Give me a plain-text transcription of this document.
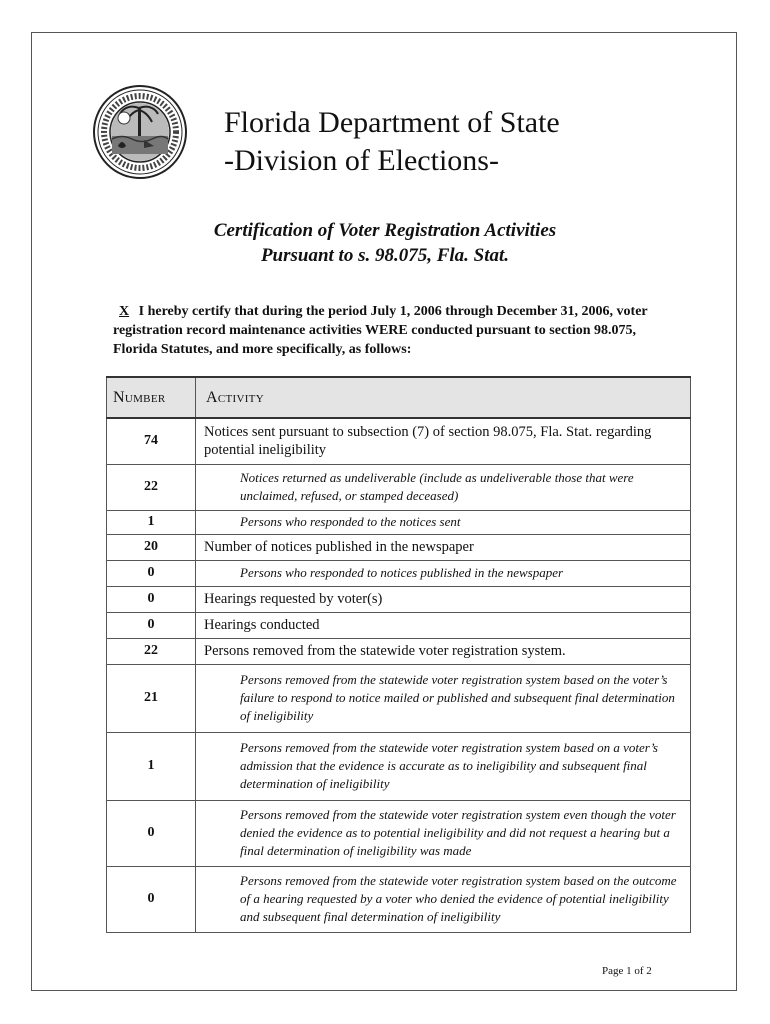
Florida Department of State
-Division of Elections-
Certification of Voter Registration Activities
Pursuant to s. 98.075, Fla. Stat.
X I hereby certify that during the period July 1, 2006 through December 31, 2006, voter registration record maintenance activities WERE conducted pursuant to section 98.075, Florida Statutes, and more specifically, as follows:
Number	Activity
74	Notices sent pursuant to subsection (7) of section 98.075, Fla. Stat. regarding potential ineligibility
22	Notices returned as undeliverable (include as undeliverable those that were unclaimed, refused, or stamped deceased)
1	Persons who responded to the notices sent
20	Number of notices published in the newspaper
0	Persons who responded to notices published in the newspaper
0	Hearings requested by voter(s)
0	Hearings conducted
22	Persons removed from the statewide voter registration system.
21	Persons removed from the statewide voter registration system based on the voter’s failure to respond to notice mailed or published and subsequent final determination of ineligibility
1	Persons removed from the statewide voter registration system based on a voter’s admission that the evidence is accurate as to ineligibility and subsequent final determination of ineligibility
0	Persons removed from the statewide voter registration system even though the voter denied the evidence as to potential ineligibility and did not request a hearing but a final determination of ineligibility was made
0	Persons removed from the statewide voter registration system based on the outcome of a hearing requested by a voter who denied the evidence of potential ineligibility and subsequent final determination of ineligibility
Page 1 of 2
